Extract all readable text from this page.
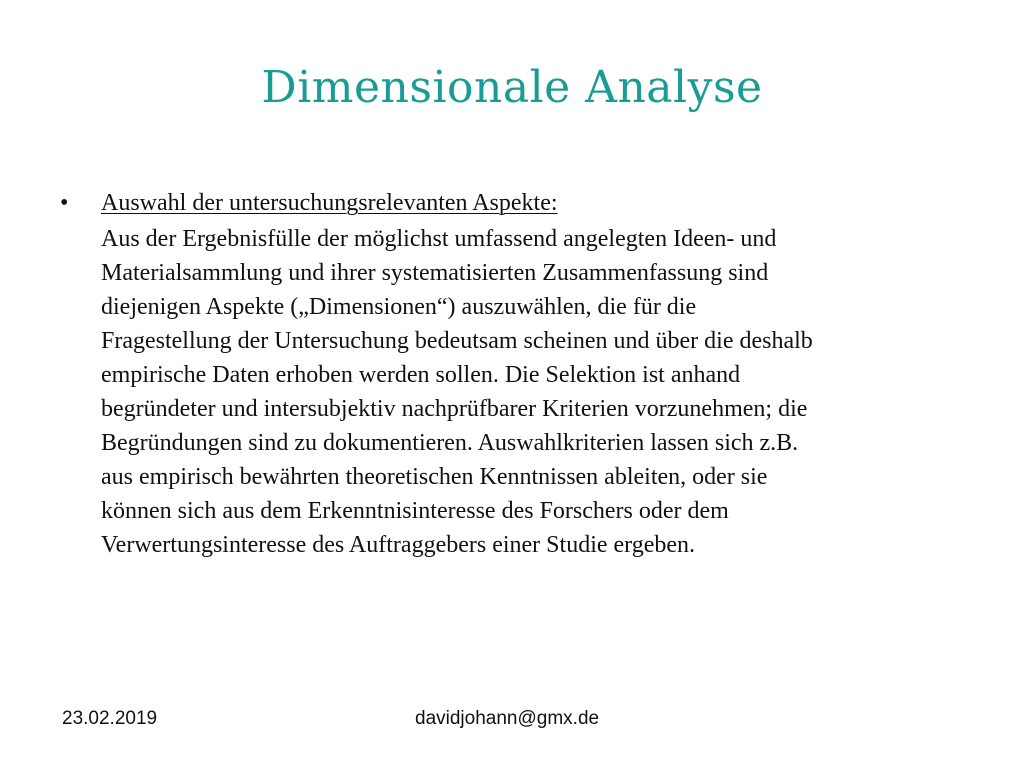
Dimensionale Analyse
•	Auswahl der untersuchungsrelevanten Aspekte:
Aus der Ergebnisfülle der möglichst umfassend angelegten Ideen- und
Materialsammlung und ihrer systematisierten Zusammenfassung sind
diejenigen Aspekte („Dimensionen“) auszuwählen, die für die
Fragestellung der Untersuchung bedeutsam scheinen und über die deshalb
empirische Daten erhoben werden sollen. Die Selektion ist anhand
begründeter und intersubjektiv nachprüfbarer Kriterien vorzunehmen; die
Begründungen sind zu dokumentieren. Auswahlkriterien lassen sich z.B.
aus empirisch bewährten theoretischen Kenntnissen ableiten, oder sie
können sich aus dem Erkenntnisinteresse des Forschers oder dem
Verwertungsinteresse des Auftraggebers einer Studie ergeben.
23.02.2019	davidjohann@gmx.de
